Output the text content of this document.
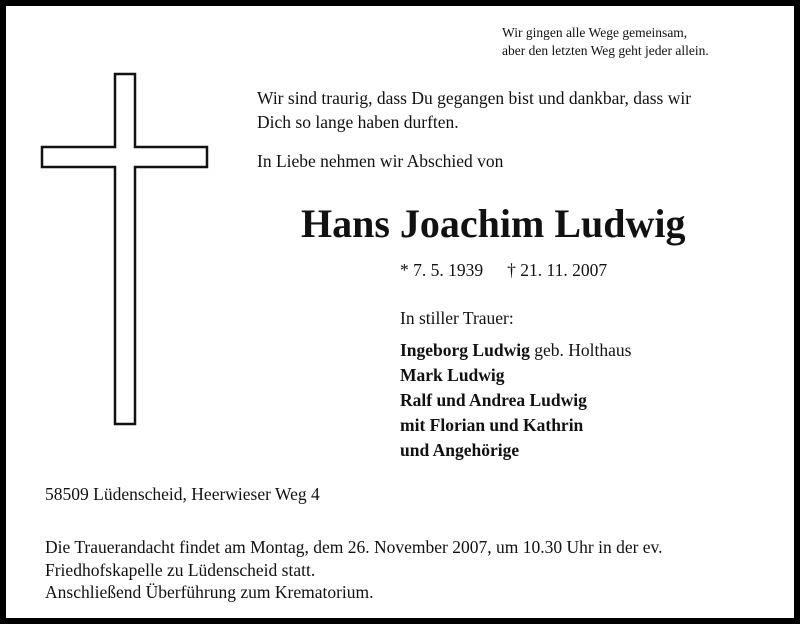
Wir gingen alle Wege gemeinsam,
aber den letzten Weg geht jeder allein.
Wir sind traurig, dass Du gegangen bist und dankbar, dass wir
Dich so lange haben durften.
In Liebe nehmen wir Abschied von
Hans Joachim Ludwig
* 7. 5. 1939 † 21. 11. 2007
In stiller Trauer:
Ingeborg Ludwig geb. Holthaus
Mark Ludwig
Ralf und Andrea Ludwig
mit Florian und Kathrin
und Angehörige
58509 Lüdenscheid, Heerwieser Weg 4
Die Trauerandacht findet am Montag, dem 26. November 2007, um 10.30 Uhr in der ev.
Friedhofskapelle zu Lüdenscheid statt.
Anschließend Überführung zum Krematorium.
